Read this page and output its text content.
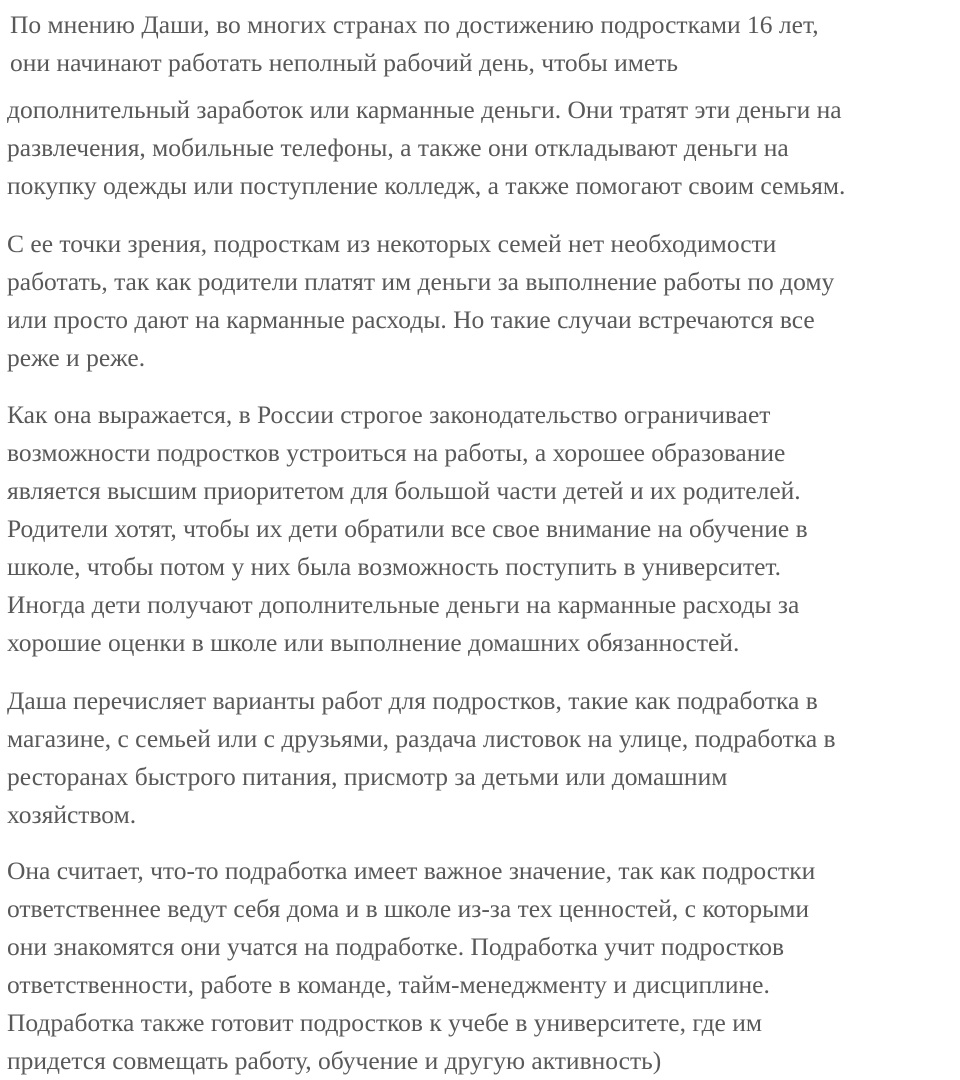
По мнению Даши, во многих странах по достижению подростками 16 лет,
они начинают работать неполный рабочий день, чтобы иметь

дополнительный заработок или карманные деньги. Они тратят эти деньги на
развлечения, мобильные телефоны, а также они откладывают деньги на
покупку одежды или поступление колледж, а также помогают своим семьям.

С ее точки зрения, подросткам из некоторых семей нет необходимости
работать, так как родители платят им деньги за выполнение работы по дому
или просто дают на карманные расходы. Но такие случаи встречаются все
реже и реже.

Как она выражается, в России строгое законодательство ограничивает
возможности подростков устроиться на работы, а хорошее образование
является высшим приоритетом для большой части детей и их родителей.
Родители хотят, чтобы их дети обратили все свое внимание на обучение в
школе, чтобы потом у них была возможность поступить в университет.
Иногда дети получают дополнительные деньги на карманные расходы за
хорошие оценки в школе или выполнение домашних обязанностей.

Даша перечисляет варианты работ для подростков, такие как подработка в
магазине, с семьей или с друзьями, раздача листовок на улице, подработка в
ресторанах быстрого питания, присмотр за детьми или домашним
хозяйством.

Она считает, что-то подработка имеет важное значение, так как подростки
ответственнее ведут себя дома и в школе из-за тех ценностей, с которыми
они знакомятся они учатся на подработке. Подработка учит подростков
ответственности, работе в команде, тайм-менеджменту и дисциплине.
Подработка также готовит подростков к учебе в университете, где им
придется совмещать работу, обучение и другую активность)
